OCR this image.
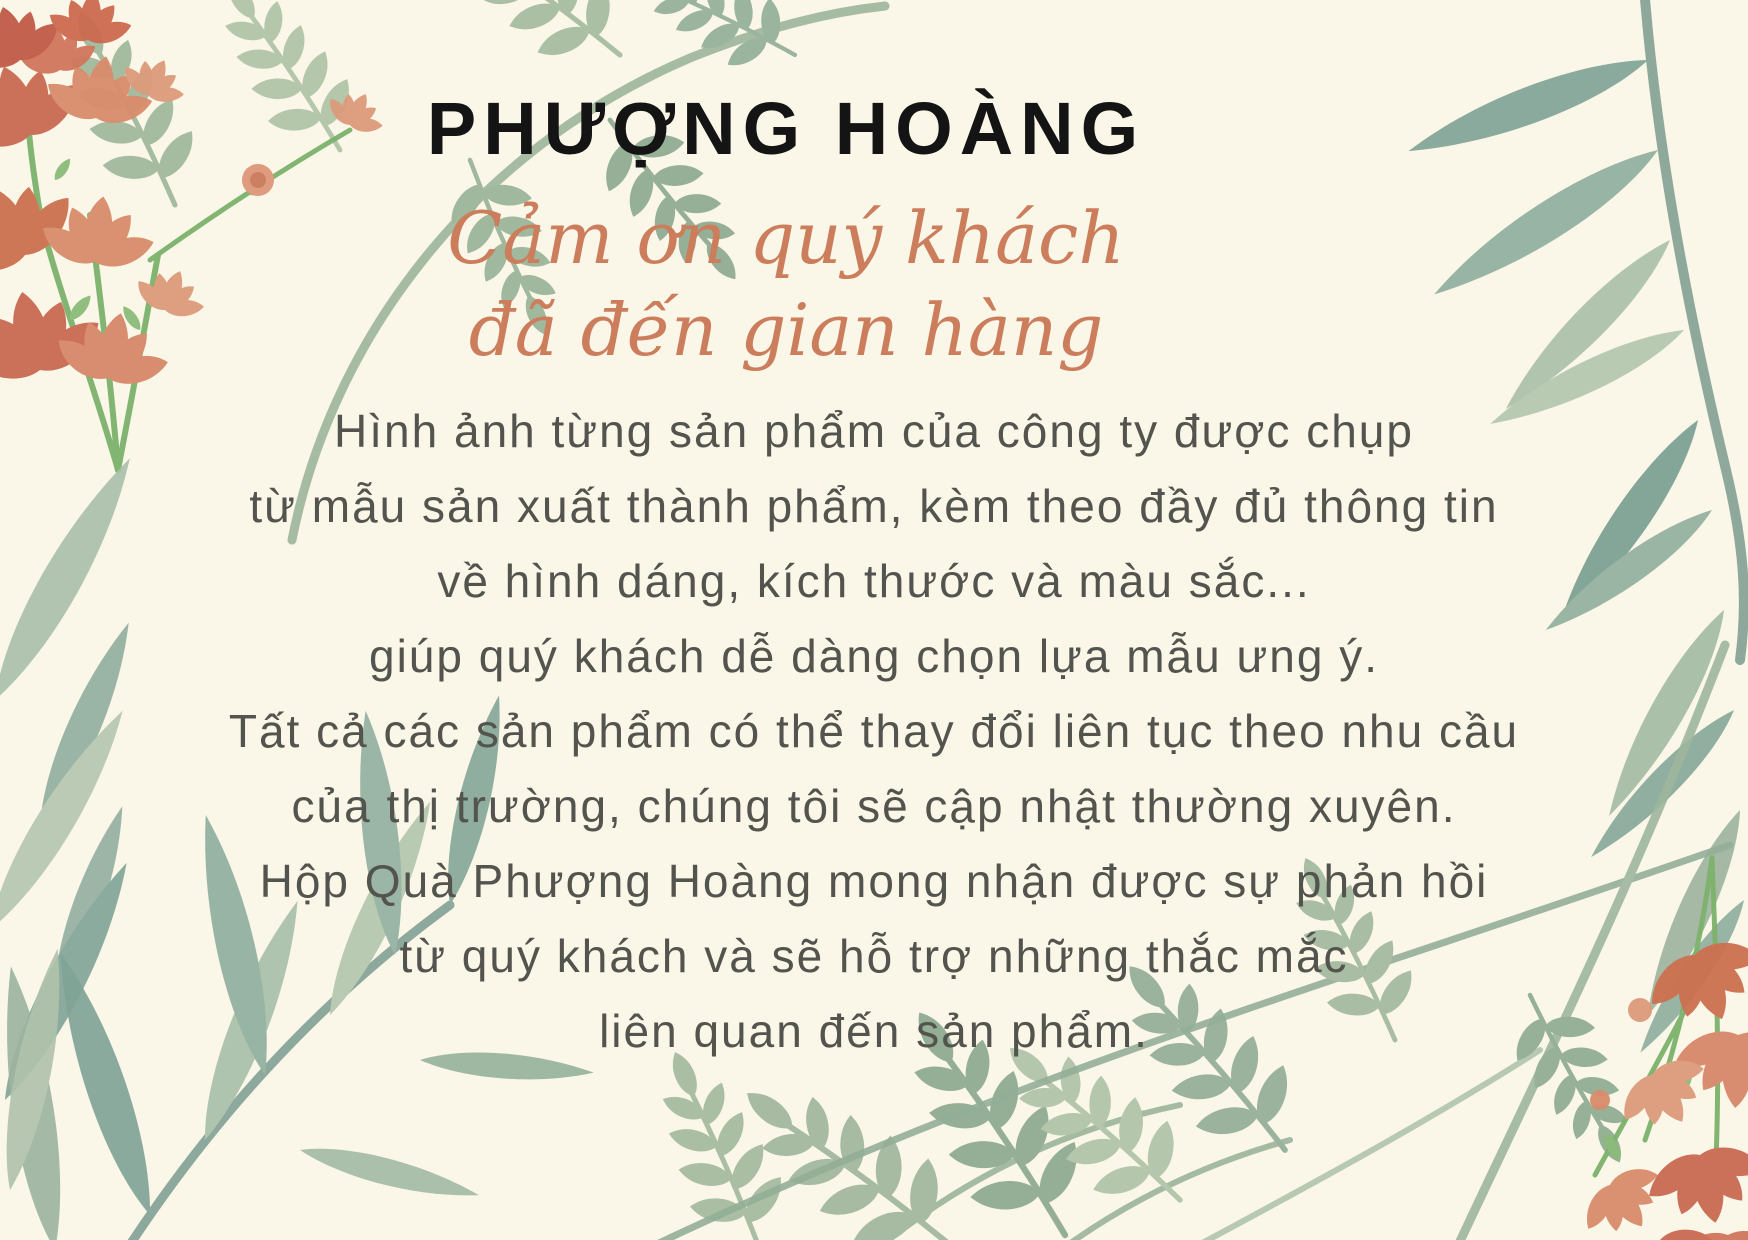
PHƯỢNG HOÀNG
Cảm ơn quý khách
đã đến gian hàng
Hình ảnh từng sản phẩm của công ty được chụp
từ mẫu sản xuất thành phẩm, kèm theo đầy đủ thông tin
về hình dáng, kích thước và màu sắc...
giúp quý khách dễ dàng chọn lựa mẫu ưng ý.
Tất cả các sản phẩm có thể thay đổi liên tục theo nhu cầu
của thị trường, chúng tôi sẽ cập nhật thường xuyên.
Hộp Quà Phượng Hoàng mong nhận được sự phản hồi
từ quý khách và sẽ hỗ trợ những thắc mắc
liên quan đến sản phẩm.
